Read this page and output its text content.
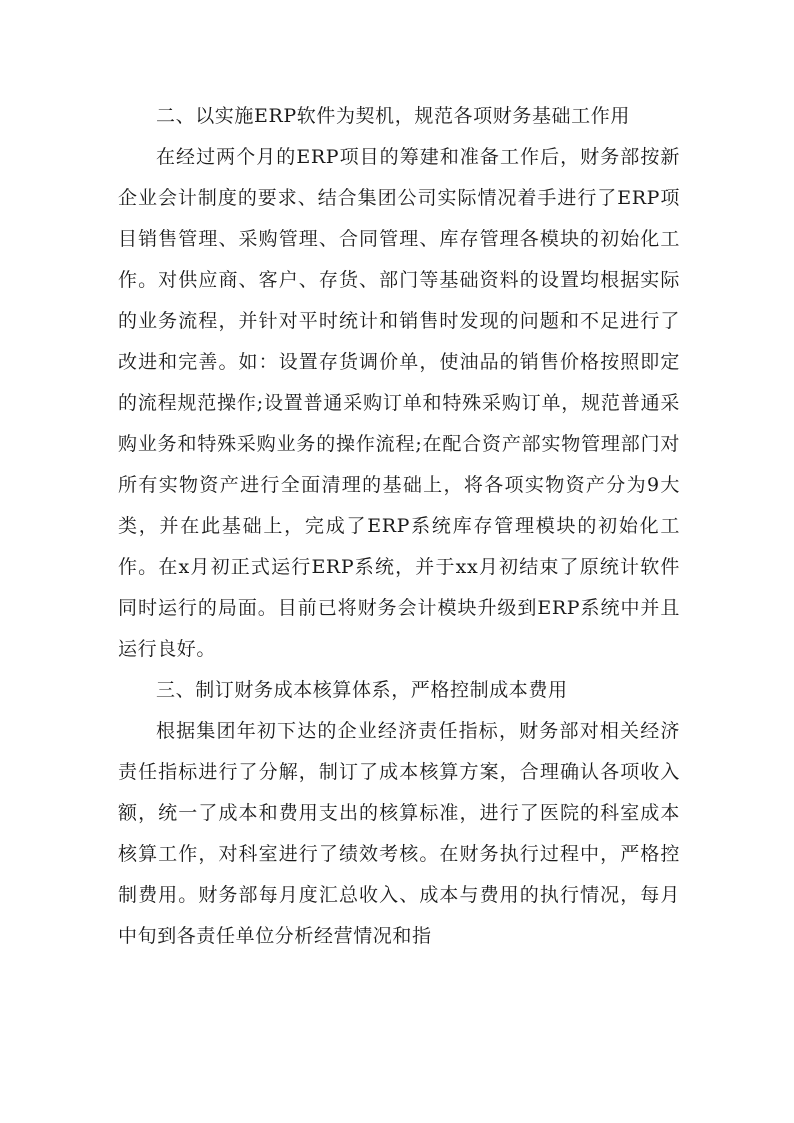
二、以实施ERP软件为契机，规范各项财务基础工作用

在经过两个月的ERP项目的筹建和准备工作后，财务部按新企业会计制度的要求、结合集团公司实际情况着手进行了ERP项目销售管理、采购管理、合同管理、库存管理各模块的初始化工作。对供应商、客户、存货、部门等基础资料的设置均根据实际的业务流程，并针对平时统计和销售时发现的问题和不足进行了改进和完善。如：设置存货调价单，使油品的销售价格按照即定的流程规范操作;设置普通采购订单和特殊采购订单，规范普通采购业务和特殊采购业务的操作流程;在配合资产部实物管理部门对所有实物资产进行全面清理的基础上，将各项实物资产分为9大类，并在此基础上，完成了ERP系统库存管理模块的初始化工作。在x月初正式运行ERP系统，并于xx月初结束了原统计软件同时运行的局面。目前已将财务会计模块升级到ERP系统中并且运行良好。

三、制订财务成本核算体系，严格控制成本费用

根据集团年初下达的企业经济责任指标，财务部对相关经济责任指标进行了分解，制订了成本核算方案，合理确认各项收入额，统一了成本和费用支出的核算标准，进行了医院的科室成本核算工作，对科室进行了绩效考核。在财务执行过程中，严格控制费用。财务部每月度汇总收入、成本与费用的执行情况，每月中旬到各责任单位分析经营情况和指
